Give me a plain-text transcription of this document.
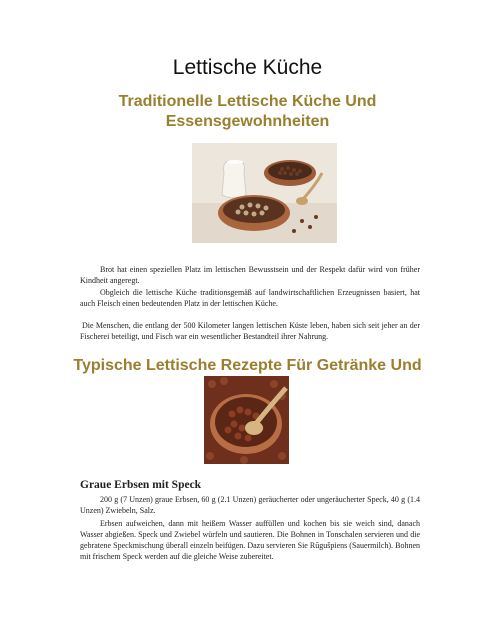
Lettische Küche
Traditionelle Lettische Küche Und Essensgewohnheiten

Brot hat einen speziellen Platz im lettischen Bewusstsein und der Respekt dafür wird von früher Kindheit angeregt.

Obgleich die lettische Küche traditionsgemäß auf landwirtschaftlichen Erzeugnissen basiert, hat auch Fleisch einen bedeutenden Platz in der lettischen Küche.

Die Menschen, die entlang der 500 Kilometer langen lettischen Küste leben, haben sich seit jeher an der Fischerei beteiligt, und Fisch war ein wesentlicher Bestandteil ihrer Nahrung.

Typische Lettische Rezepte Für Getränke Und
Graue Erbsen mit Speck

200 g (7 Unzen) graue Erbsen, 60 g (2.1 Unzen) geräucherter oder ungeräucherter Speck, 40 g (1.4 Unzen) Zwiebeln, Salz.

Erbsen aufweichen, dann mit heißem Wasser auffüllen und kochen bis sie weich sind, danach Wasser abgießen. Speck und Zwiebel würfeln und sautieren. Die Bohnen in Tonschalen servieren und die gebratene Speckmischung überall einzeln beifügen. Dazu servieren Sie Rūgušpiens (Sauermilch). Bohnen mit frischem Speck werden auf die gleiche Weise zubereitet.
